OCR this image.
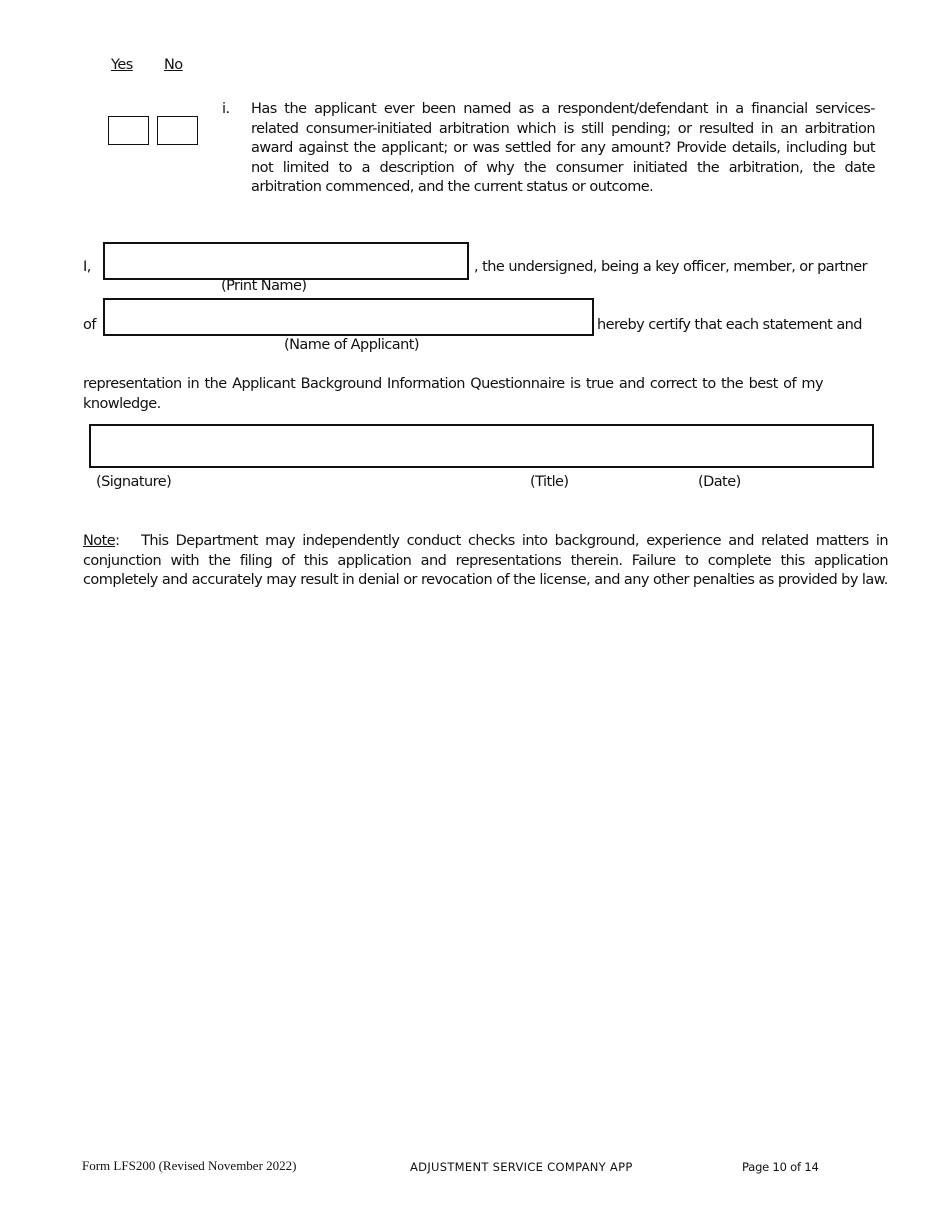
Yes No
i. Has the applicant ever been named as a respondent/defendant in a financial services-related consumer-initiated arbitration which is still pending; or resulted in an arbitration award against the applicant; or was settled for any amount? Provide details, including but not limited to a description of why the consumer initiated the arbitration, the date arbitration commenced, and the current status or outcome.
I,	, the undersigned, being a key officer, member, or partner
(Print Name)
of	hereby certify that each statement and
(Name of Applicant)
representation in the Applicant Background Information Questionnaire is true and correct to the best of my knowledge.
(Signature)	(Title)	(Date)
Note: This Department may independently conduct checks into background, experience and related matters in conjunction with the filing of this application and representations therein. Failure to complete this application completely and accurately may result in denial or revocation of the license, and any other penalties as provided by law.
Form LFS200 (Revised November 2022)	ADJUSTMENT SERVICE COMPANY APP	Page 10 of 14
